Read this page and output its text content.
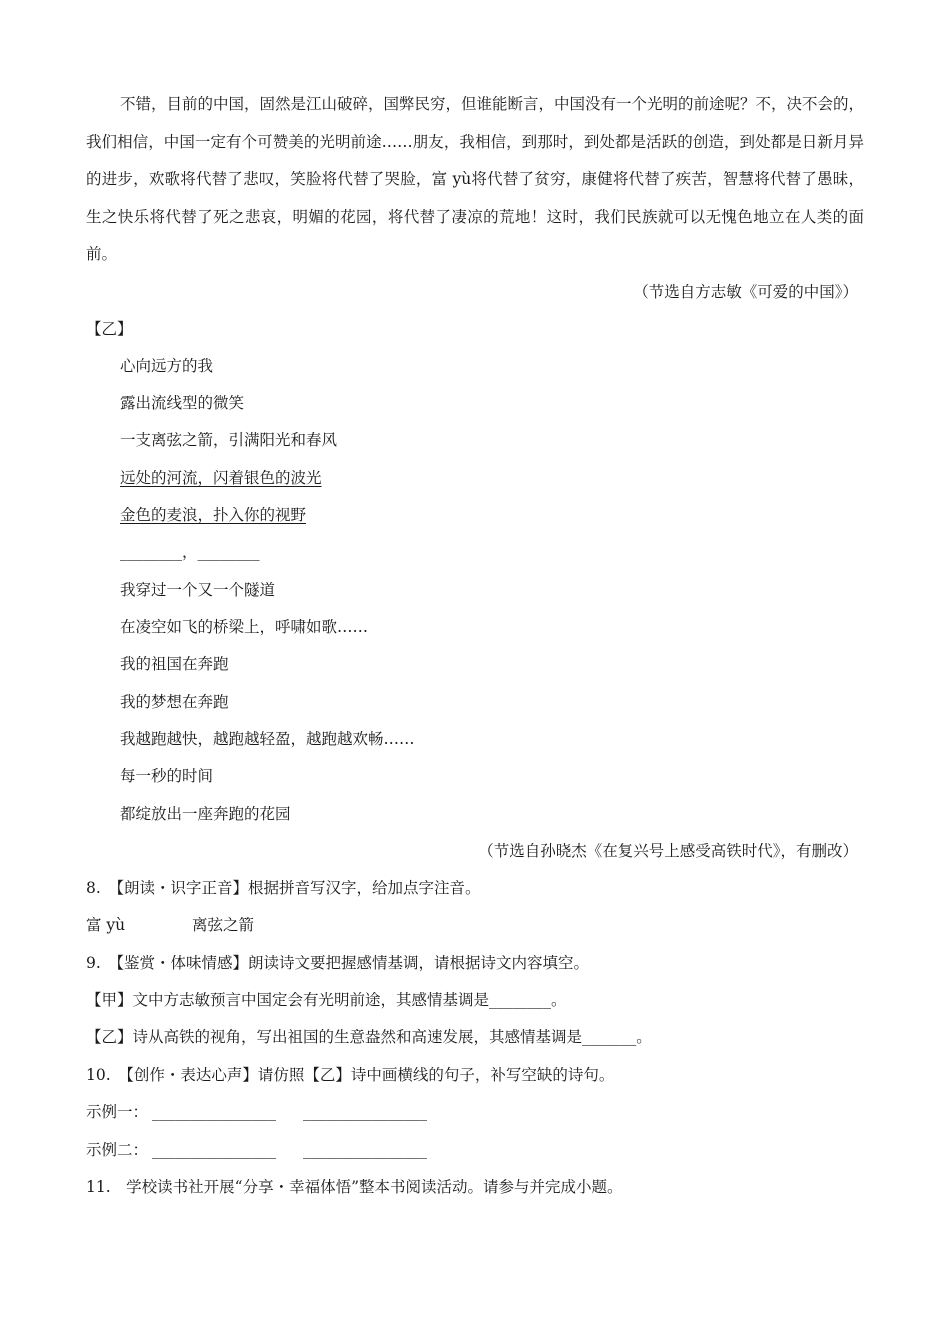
不错，目前的中国，固然是江山破碎，国弊民穷，但谁能断言，中国没有一个光明的前途呢？不，决不会的，我们相信，中国一定有个可赞美的光明前途……朋友，我相信，到那时，到处都是活跃的创造，到处都是日新月异的进步，欢歌将代替了悲叹，笑脸将代替了哭脸，富 yù将代替了贫穷，康健将代替了疾苦，智慧将代替了愚昧，生之快乐将代替了死之悲哀，明媚的花园，将代替了凄凉的荒地！这时，我们民族就可以无愧色地立在人类的面前。
（节选自方志敏《可爱的中国》）
【乙】
心向远方的我
露出流线型的微笑
一支离弦之箭，引满阳光和春风
远处的河流，闪着银色的波光
金色的麦浪，扑入你的视野
________，________
我穿过一个又一个隧道
在凌空如飞的桥梁上，呼啸如歌……
我的祖国在奔跑
我的梦想在奔跑
我越跑越快，越跑越轻盈，越跑越欢畅……
每一秒的时间
都绽放出一座奔跑的花园
（节选自孙晓杰《在复兴号上感受高铁时代》，有删改）
8.　【朗读・识字正音】根据拼音写汉字，给加点字注音。
富 yù	离弦之箭
9.　【鉴赏・体味情感】朗读诗文要把握感情基调，请根据诗文内容填空。
【甲】文中方志敏预言中国定会有光明前途，其感情基调是________。
【乙】诗从高铁的视角，写出祖国的生意盎然和高速发展，其感情基调是_______。
10.　【创作・表达心声】请仿照【乙】诗中画横线的句子，补写空缺的诗句。
示例一： ________________ ________________
示例二： ________________ ________________
11.　学校读书社开展“分享・幸福体悟”整本书阅读活动。请参与并完成小题。
